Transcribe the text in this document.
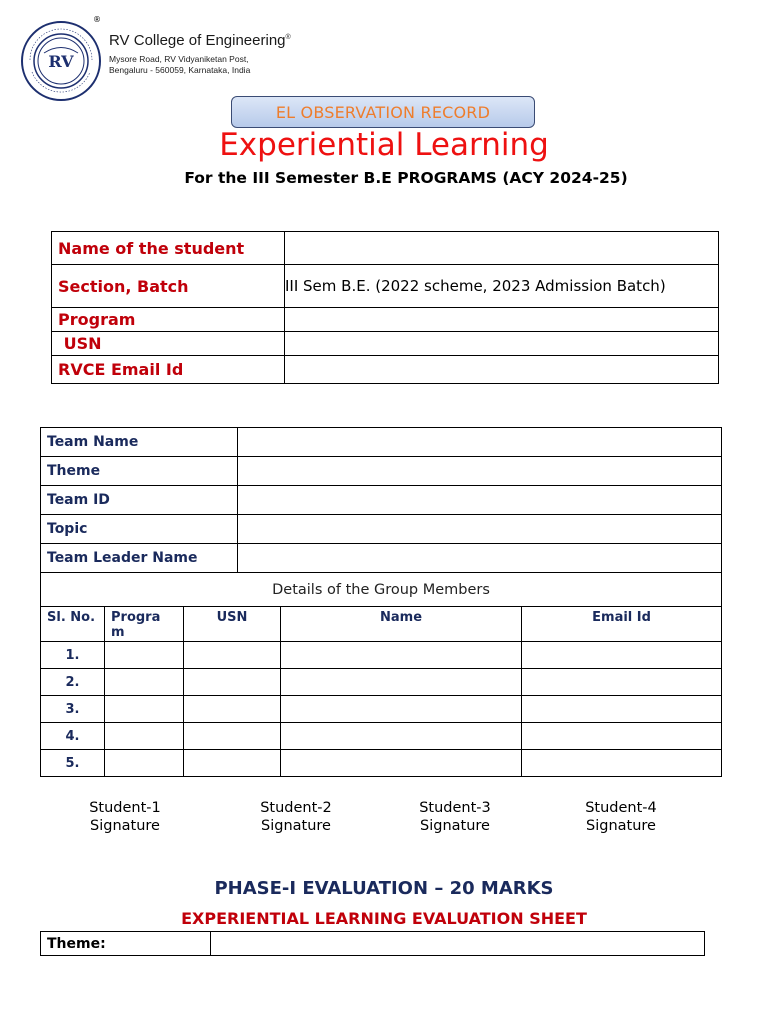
RV
®
RV College of Engineering®
Mysore Road, RV Vidyaniketan Post,
Bengaluru - 560059, Karnataka, India
EL OBSERVATION RECORD
Experiential Learning
For the III Semester B.E PROGRAMS (ACY 2024-25)
Name of the student	
Section, Batch	III Sem B.E. (2022 scheme, 2023 Admission Batch)
Program	
USN	
RVCE Email Id	
Team Name					
Theme					
Team ID					
Topic					
Team Leader Name					
Details of the Group Members					
Sl. No.	Progra m	USN		Name	Email Id
1.					
2.					
3.					
4.					
5.					
Student-1
Signature
Student-2
Signature
Student-3
Signature
Student-4
Signature
PHASE-I EVALUATION – 20 MARKS
EXPERIENTIAL LEARNING EVALUATION SHEET
Theme:	
